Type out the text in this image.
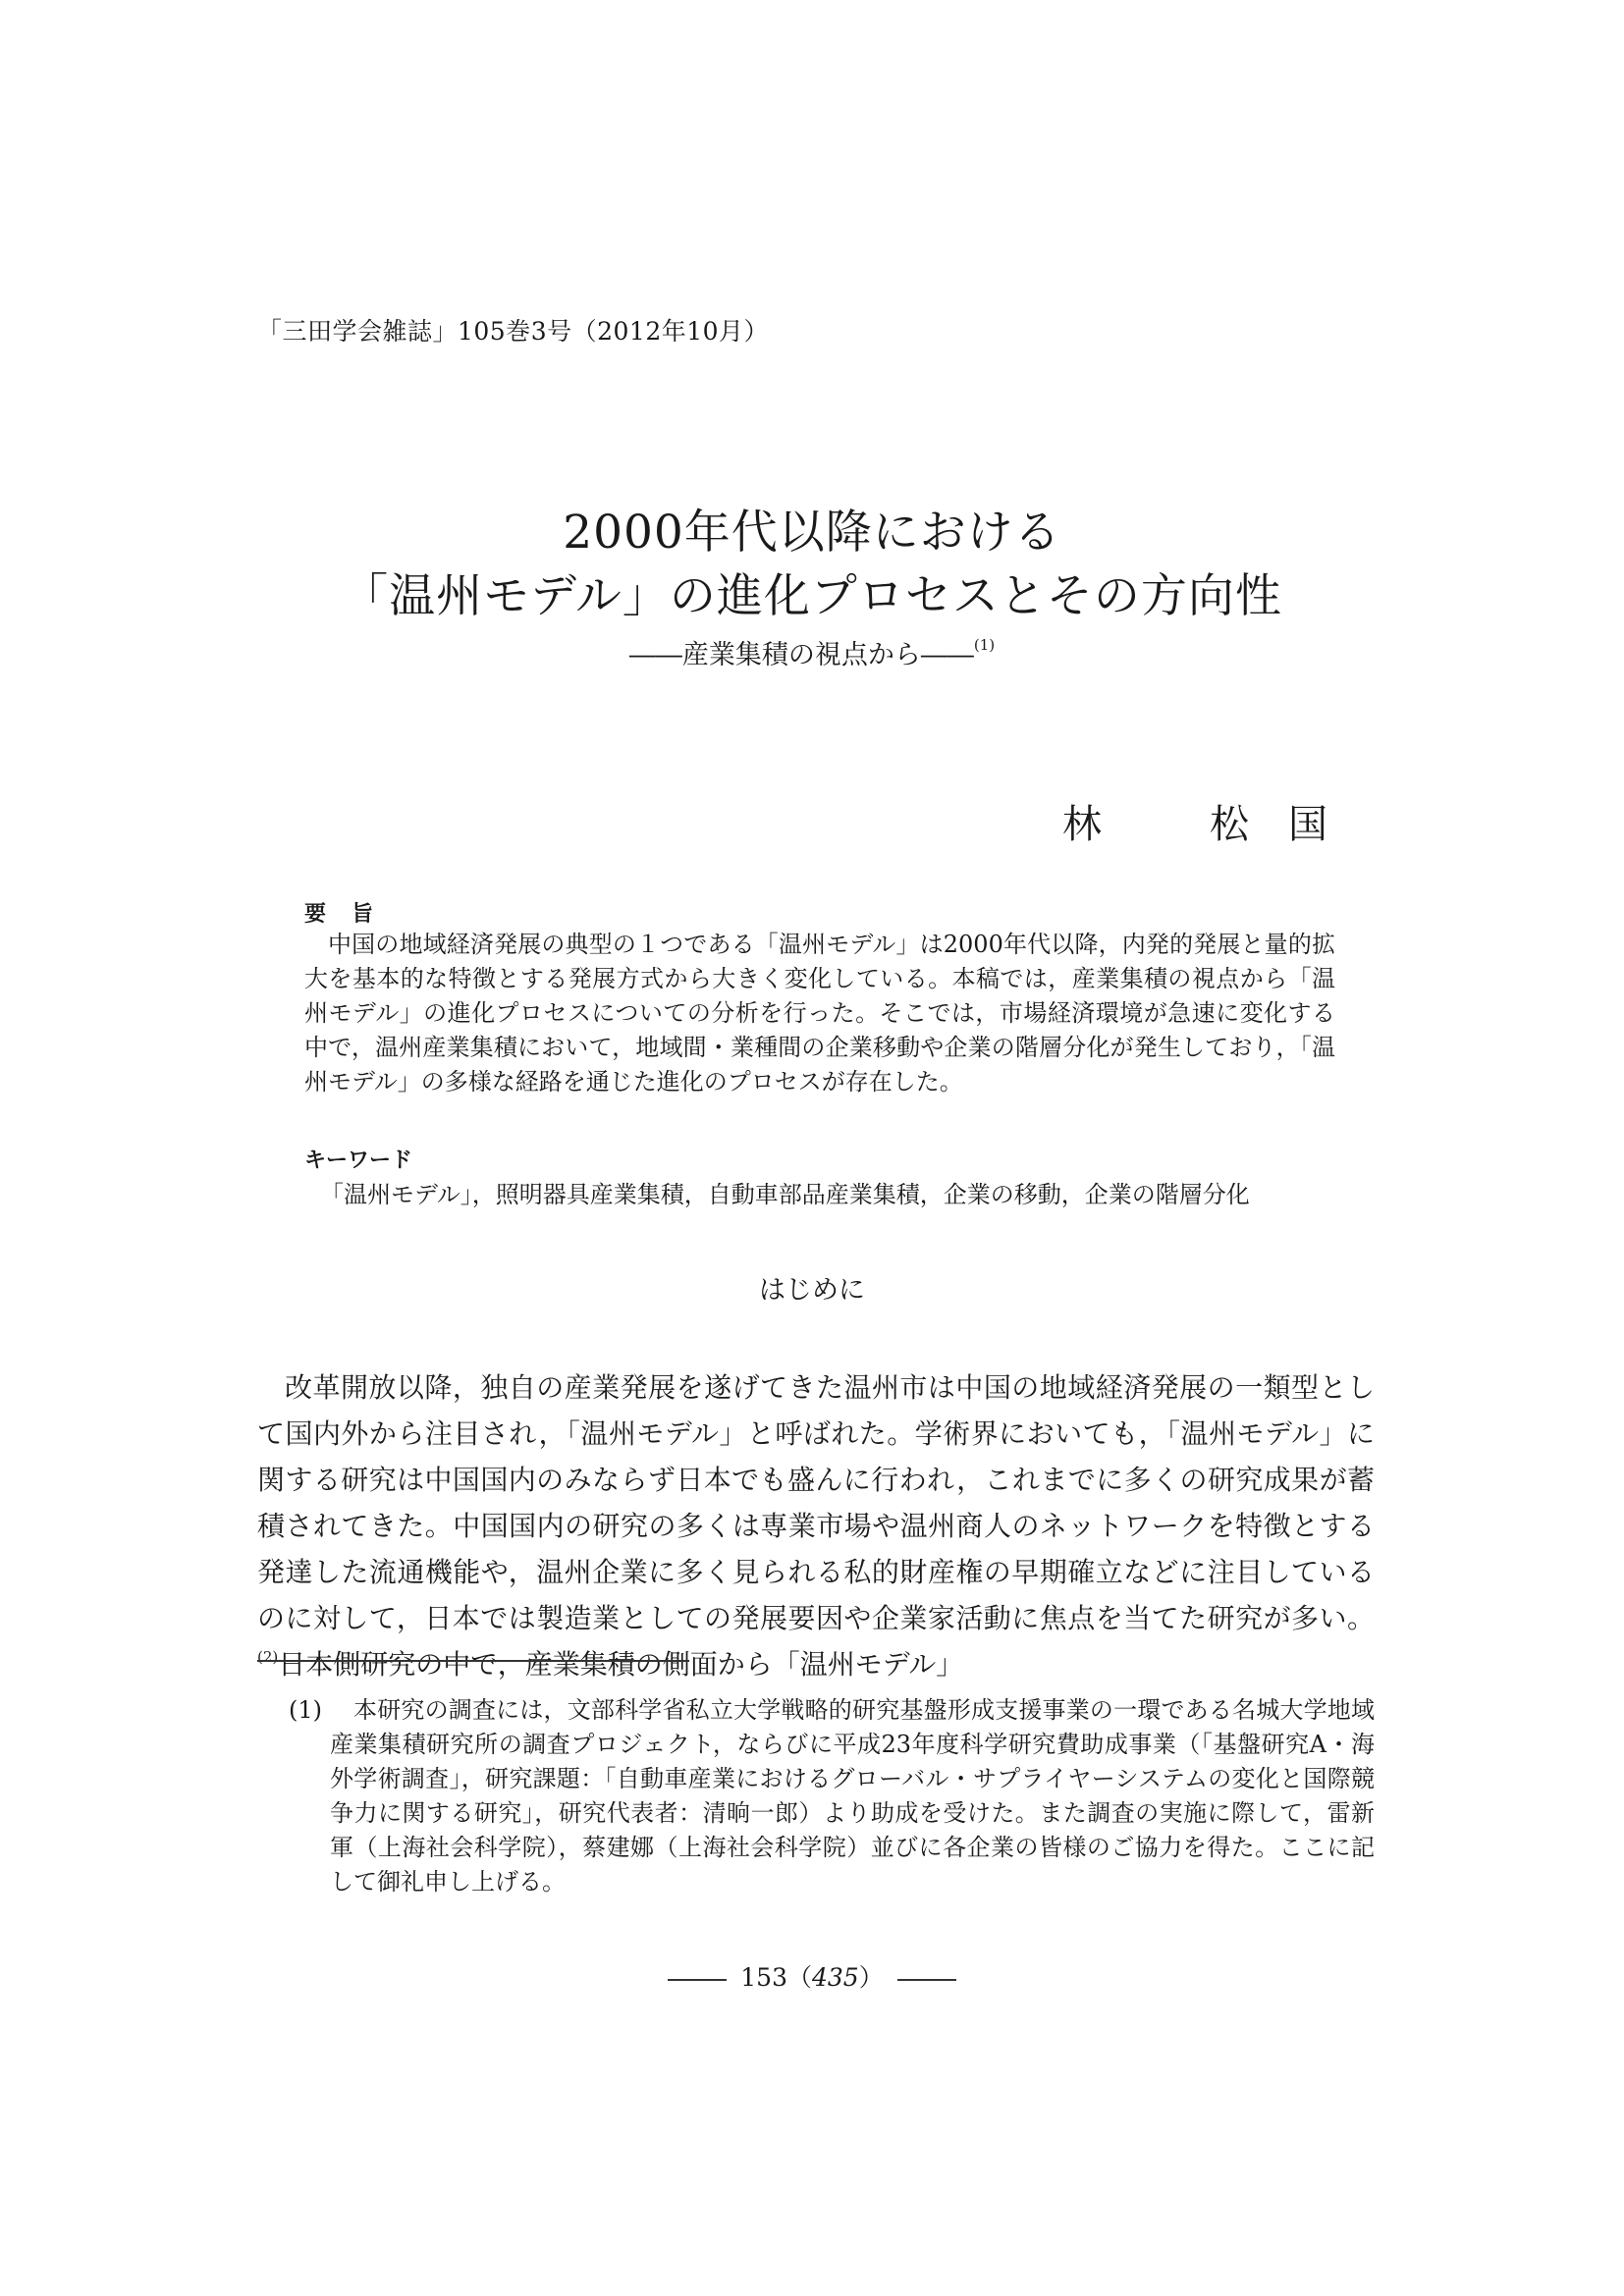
「三田学会雑誌」105巻3号（2012年10月）
2000年代以降における
「温州モデル」の進化プロセスとその方向性
――産業集積の視点から――$^{(1)}$
林	松　国
要旨

中国の地域経済発展の典型の１つである「温州モデル」は2000年代以降，内発的発展と量的拡大を基本的な特徴とする発展方式から大きく変化している。本稿では，産業集積の視点から「温州モデル」の進化プロセスについての分析を行った。そこでは，市場経済環境が急速に変化する中で，温州産業集積において，地域間・業種間の企業移動や企業の階層分化が発生しており，「温州モデル」の多様な経路を通じた進化のプロセスが存在した。

キーワード
「温州モデル」，照明器具産業集積，自動車部品産業集積，企業の移動，企業の階層分化
はじめに

改革開放以降，独自の産業発展を遂げてきた温州市は中国の地域経済発展の一類型として国内外から注目され，「温州モデル」と呼ばれた。学術界においても，「温州モデル」に関する研究は中国国内のみならず日本でも盛んに行われ，これまでに多くの研究成果が蓄積されてきた。中国国内の研究の多くは専業市場や温州商人のネットワークを特徴とする発達した流通機能や，温州企業に多く見られる私的財産権の早期確立などに注目しているのに対して，日本では製造業としての発展要因や企業家活動に焦点を当てた研究が多い。$^{(2)}$日本側研究の中で，産業集積の側面から「温州モデル」

(1)	本研究の調査には，文部科学省私立大学戦略的研究基盤形成支援事業の一環である名城大学地域産業集積研究所の調査プロジェクト，ならびに平成23年度科学研究費助成事業（「基盤研究A・海外学術調査」，研究課題：「自動車産業におけるグローバル・サプライヤーシステムの変化と国際競争力に関する研究」，研究代表者：清晌一郎）より助成を受けた。また調査の実施に際して，雷新軍（上海社会科学院），蔡建娜（上海社会科学院）並びに各企業の皆様のご協力を得た。ここに記して御礼申し上げる。
153（435）
